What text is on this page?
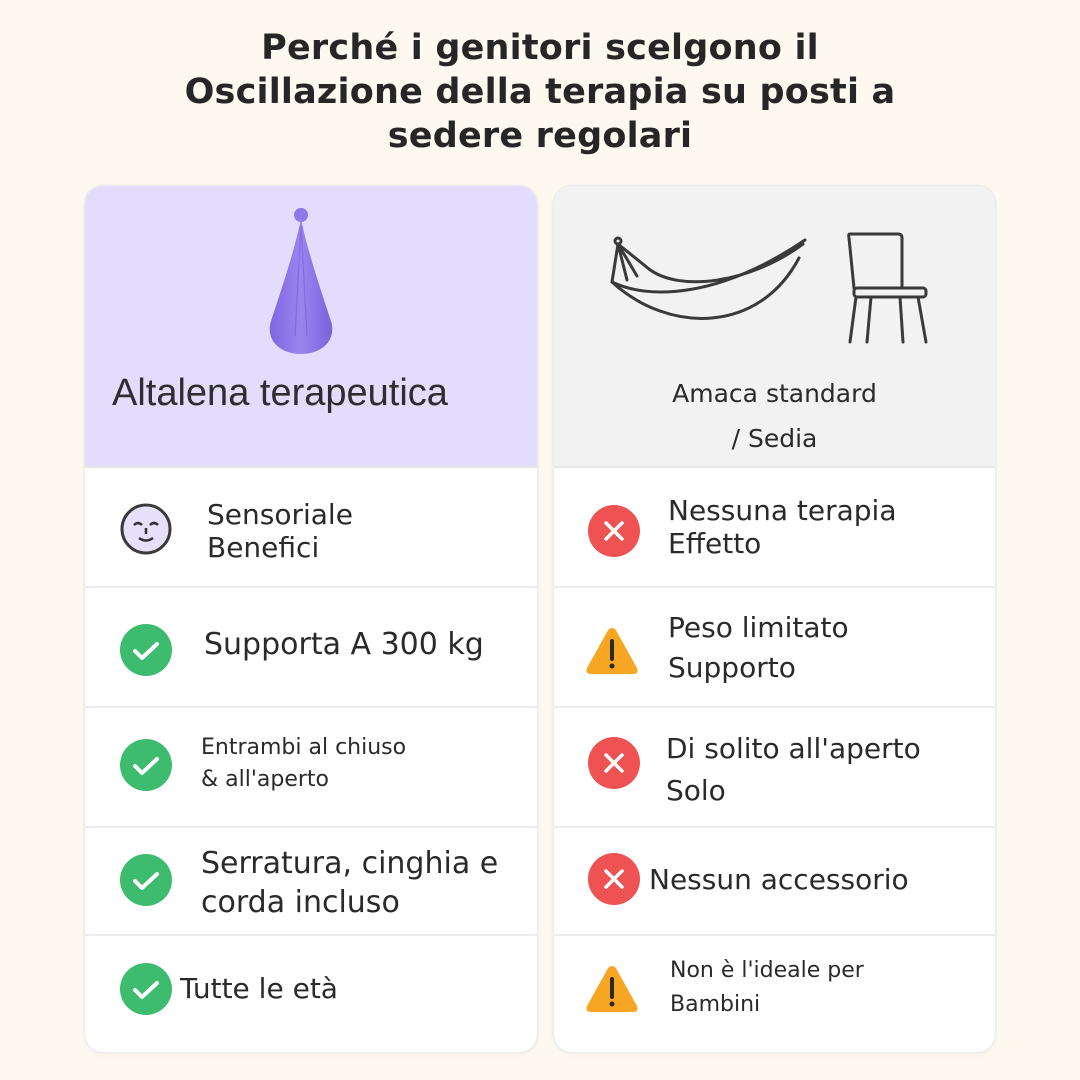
Perché i genitori scelgono il
Oscillazione della terapia su posti a
sedere regolari
Altalena terapeutica
Sensoriale
Benefici
Supporta A 300 kg
Entrambi al chiuso
& all'aperto
Serratura, cinghia e
corda incluso
Tutte le età
Amaca standard
/ Sedia
Nessuna terapia
Effetto
Peso limitato
Supporto
Di solito all'aperto
Solo
Nessun accessorio
Non è l'ideale per
Bambini
